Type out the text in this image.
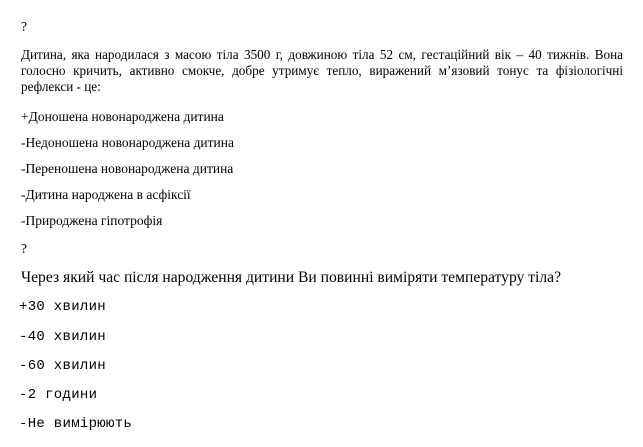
?
Дитина, яка народилася з масою тіла 3500 г, довжиною тіла 52 см, гестаційний вік – 40 тижнів. Вона голосно кричить, активно смокче, добре утримує тепло, виражений м’язовий тонус та фізіологічні рефлекси - це:
+Доношена новонароджена дитина
-Недоношена новонароджена дитина
-Переношена новонароджена дитина
-Дитина народжена в асфіксії
-Природжена гіпотрофія
?
Через який час після народження дитини Ви повинні виміряти температуру тіла?
+30 хвилин
-40 хвилин
-60 хвилин
-2 години
-Не вимірюють
